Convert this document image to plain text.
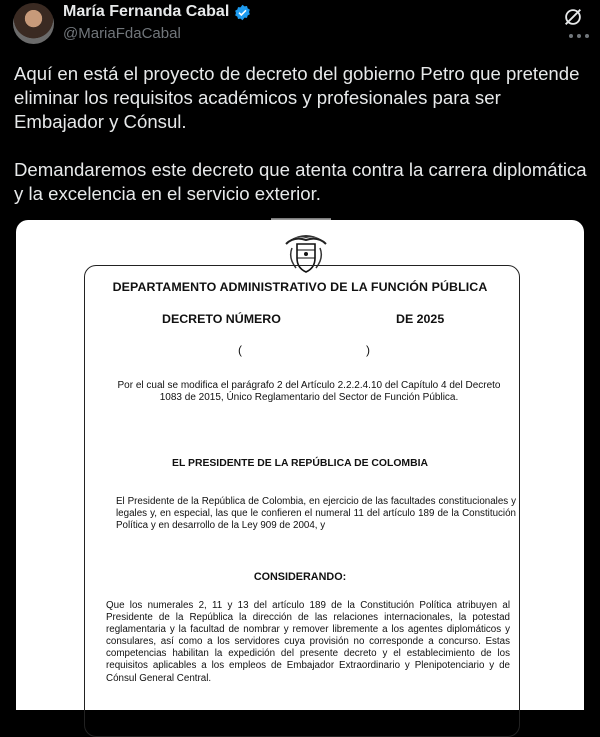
María Fernanda Cabal
@MariaFdaCabal

Aquí en está el proyecto de decreto del gobierno Petro que pretende eliminar los requisitos académicos y profesionales para ser Embajador y Cónsul.

Demandaremos este decreto que atenta contra la carrera diplomática y la excelencia en el servicio exterior.

▬▬▬▬▬▬▬▬▬▬
DEPARTAMENTO ADMINISTRATIVO DE LA FUNCIÓN PÚBLICA
DECRETO NÚMERO	DE 2025
(	)
Por el cual se modifica el parágrafo 2 del Artículo 2.2.2.4.10 del Capítulo 4 del Decreto 1083 de 2015, Único Reglamentario del Sector de Función Pública.
EL PRESIDENTE DE LA REPÚBLICA DE COLOMBIA
El Presidente de la República de Colombia, en ejercicio de las facultades constitucionales y legales y, en especial, las que le confieren el numeral 11 del artículo 189 de la Constitución Política y en desarrollo de la Ley 909 de 2004, y
CONSIDERANDO:
Que los numerales 2, 11 y 13 del artículo 189 de la Constitución Política atribuyen al Presidente de la República la dirección de las relaciones internacionales, la potestad reglamentaria y la facultad de nombrar y remover libremente a los agentes diplomáticos y consulares, así como a los servidores cuya provisión no corresponde a concurso. Estas competencias habilitan la expedición del presente decreto y el establecimiento de los requisitos aplicables a los empleos de Embajador Extraordinario y Plenipotenciario y de Cónsul General Central.
